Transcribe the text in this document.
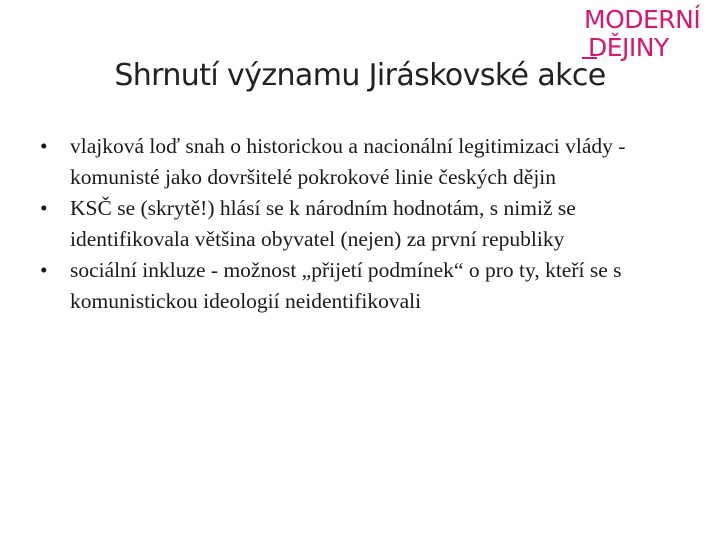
MODERNÍ
DĚJINY
Shrnutí významu Jiráskovské akce
• vlajková loď snah o historickou a nacionální legitimizaci vlády - komunisté jako dovršitelé pokrokové linie českých dějin
• KSČ se (skrytě!) hlásí se k národním hodnotám, s nimiž se identifikovala většina obyvatel (nejen) za první republiky
• sociální inkluze - možnost „přijetí podmínek“ o pro ty, kteří se s komunistickou ideologií neidentifikovali
